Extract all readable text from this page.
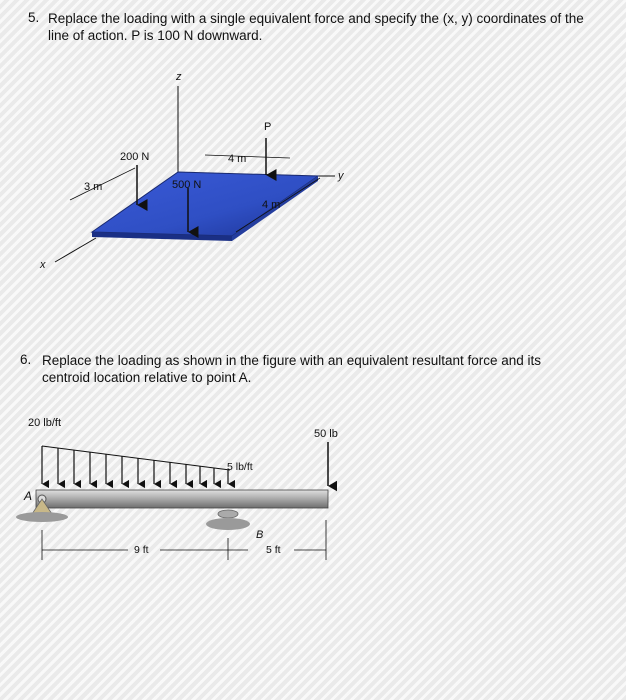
5. Replace the loading with a single equivalent force and specify the (x, y) coordinates of the
line of action. P is 100 N downward.
z
y
x
3 m
4 m
4 m
200 N
500 N
P
6. Replace the loading as shown in the figure with an equivalent resultant force and its
centroid location relative to point A.
20 lb/ft
5 lb/ft
50 lb
A
B
9 ft	5 ft
